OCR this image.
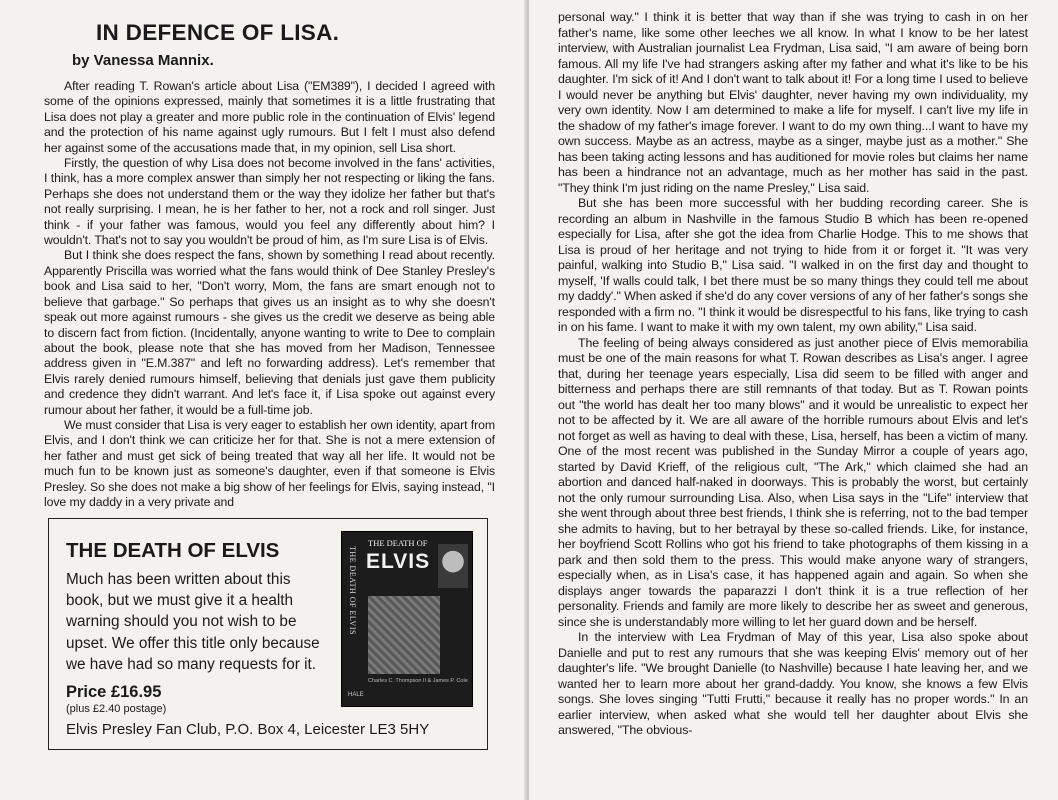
IN DEFENCE OF LISA.
by Vanessa Mannix.

After reading T. Rowan's article about Lisa ("EM389"), I decided I agreed with some of the opinions expressed, mainly that sometimes it is a little frustrating that Lisa does not play a greater and more public role in the continuation of Elvis' legend and the protection of his name against ugly rumours. But I felt I must also defend her against some of the accusations made that, in my opinion, sell Lisa short.

Firstly, the question of why Lisa does not become involved in the fans' activities, I think, has a more complex answer than simply her not respecting or liking the fans. Perhaps she does not understand them or the way they idolize her father but that's not really surprising. I mean, he is her father to her, not a rock and roll singer. Just think - if your father was famous, would you feel any differently about him? I wouldn't. That's not to say you wouldn't be proud of him, as I'm sure Lisa is of Elvis.

But I think she does respect the fans, shown by something I read about recently. Apparently Priscilla was worried what the fans would think of Dee Stanley Presley's book and Lisa said to her, "Don't worry, Mom, the fans are smart enough not to believe that garbage." So perhaps that gives us an insight as to why she doesn't speak out more against rumours - she gives us the credit we deserve as being able to discern fact from fiction. (Incidentally, anyone wanting to write to Dee to complain about the book, please note that she has moved from her Madison, Tennessee address given in "E.M.387" and left no forwarding address). Let's remember that Elvis rarely denied rumours himself, believing that denials just gave them publicity and credence they didn't warrant. And let's face it, if Lisa spoke out against every rumour about her father, it would be a full-time job.

We must consider that Lisa is very eager to establish her own identity, apart from Elvis, and I don't think we can criticize her for that. She is not a mere extension of her father and must get sick of being treated that way all her life. It would not be much fun to be known just as someone's daughter, even if that someone is Elvis Presley. So she does not make a big show of her feelings for Elvis, saying instead, "I love my daddy in a very private and

personal way." I think it is better that way than if she was trying to cash in on her father's name, like some other leeches we all know. In what I know to be her latest interview, with Australian journalist Lea Frydman, Lisa said, "I am aware of being born famous. All my life I've had strangers asking after my father and what it's like to be his daughter. I'm sick of it! And I don't want to talk about it! For a long time I used to believe I would never be anything but Elvis' daughter, never having my own individuality, my very own identity. Now I am determined to make a life for myself. I can't live my life in the shadow of my father's image forever. I want to do my own thing...I want to have my own success. Maybe as an actress, maybe as a singer, maybe just as a mother." She has been taking acting lessons and has auditioned for movie roles but claims her name has been a hindrance not an advantage, much as her mother has said in the past. "They think I'm just riding on the name Presley," Lisa said.

But she has been more successful with her budding recording career. She is recording an album in Nashville in the famous Studio B which has been re-opened especially for Lisa, after she got the idea from Charlie Hodge. This to me shows that Lisa is proud of her heritage and not trying to hide from it or forget it. "It was very painful, walking into Studio B," Lisa said. "I walked in on the first day and thought to myself, 'If walls could talk, I bet there must be so many things they could tell me about my daddy'." When asked if she'd do any cover versions of any of her father's songs she responded with a firm no. "I think it would be disrespectful to his fans, like trying to cash in on his fame. I want to make it with my own talent, my own ability," Lisa said.

The feeling of being always considered as just another piece of Elvis memorabilia must be one of the main reasons for what T. Rowan describes as Lisa's anger. I agree that, during her teenage years especially, Lisa did seem to be filled with anger and bitterness and perhaps there are still remnants of that today. But as T. Rowan points out "the world has dealt her too many blows" and it would be unrealistic to expect her not to be affected by it. We are all aware of the horrible rumours about Elvis and let's not forget as well as having to deal with these, Lisa, herself, has been a victim of many. One of the most recent was published in the Sunday Mirror a couple of years ago, started by David Krieff, of the religious cult, "The Ark," which claimed she had an abortion and danced half-naked in doorways. This is probably the worst, but certainly not the only rumour surrounding Lisa. Also, when Lisa says in the "Life" interview that she went through about three best friends, I think she is referring, not to the bad temper she admits to having, but to her betrayal by these so-called friends. Like, for instance, her boyfriend Scott Rollins who got his friend to take photographs of them kissing in a park and then sold them to the press. This would make anyone wary of strangers, especially when, as in Lisa's case, it has happened again and again. So when she displays anger towards the paparazzi I don't think it is a true reflection of her personality. Friends and family are more likely to describe her as sweet and generous, since she is understandably more willing to let her guard down and be herself.

In the interview with Lea Frydman of May of this year, Lisa also spoke about Danielle and put to rest any rumours that she was keeping Elvis' memory out of her daughter's life. "We brought Danielle (to Nashville) because I hate leaving her, and we wanted her to learn more about her grand-daddy. You know, she knows a few Elvis songs. She loves singing "Tutti Frutti," because it really has no proper words." In an earlier interview, when asked what she would tell her daughter about Elvis she answered, "The obvious-

THE DEATH OF ELVIS
Much has been written about this book, but we must give it a health warning should you not wish to be upset. We offer this title only because we have had so many requests for it.
Price £16.95
(plus £2.40 postage)
Elvis Presley Fan Club, P.O. Box 4, Leicester LE3 5HY
THE DEATH OF ELVIS
THE DEATH OF
ELVIS
Charles C. Thompson II & James P. Cole
HALE
